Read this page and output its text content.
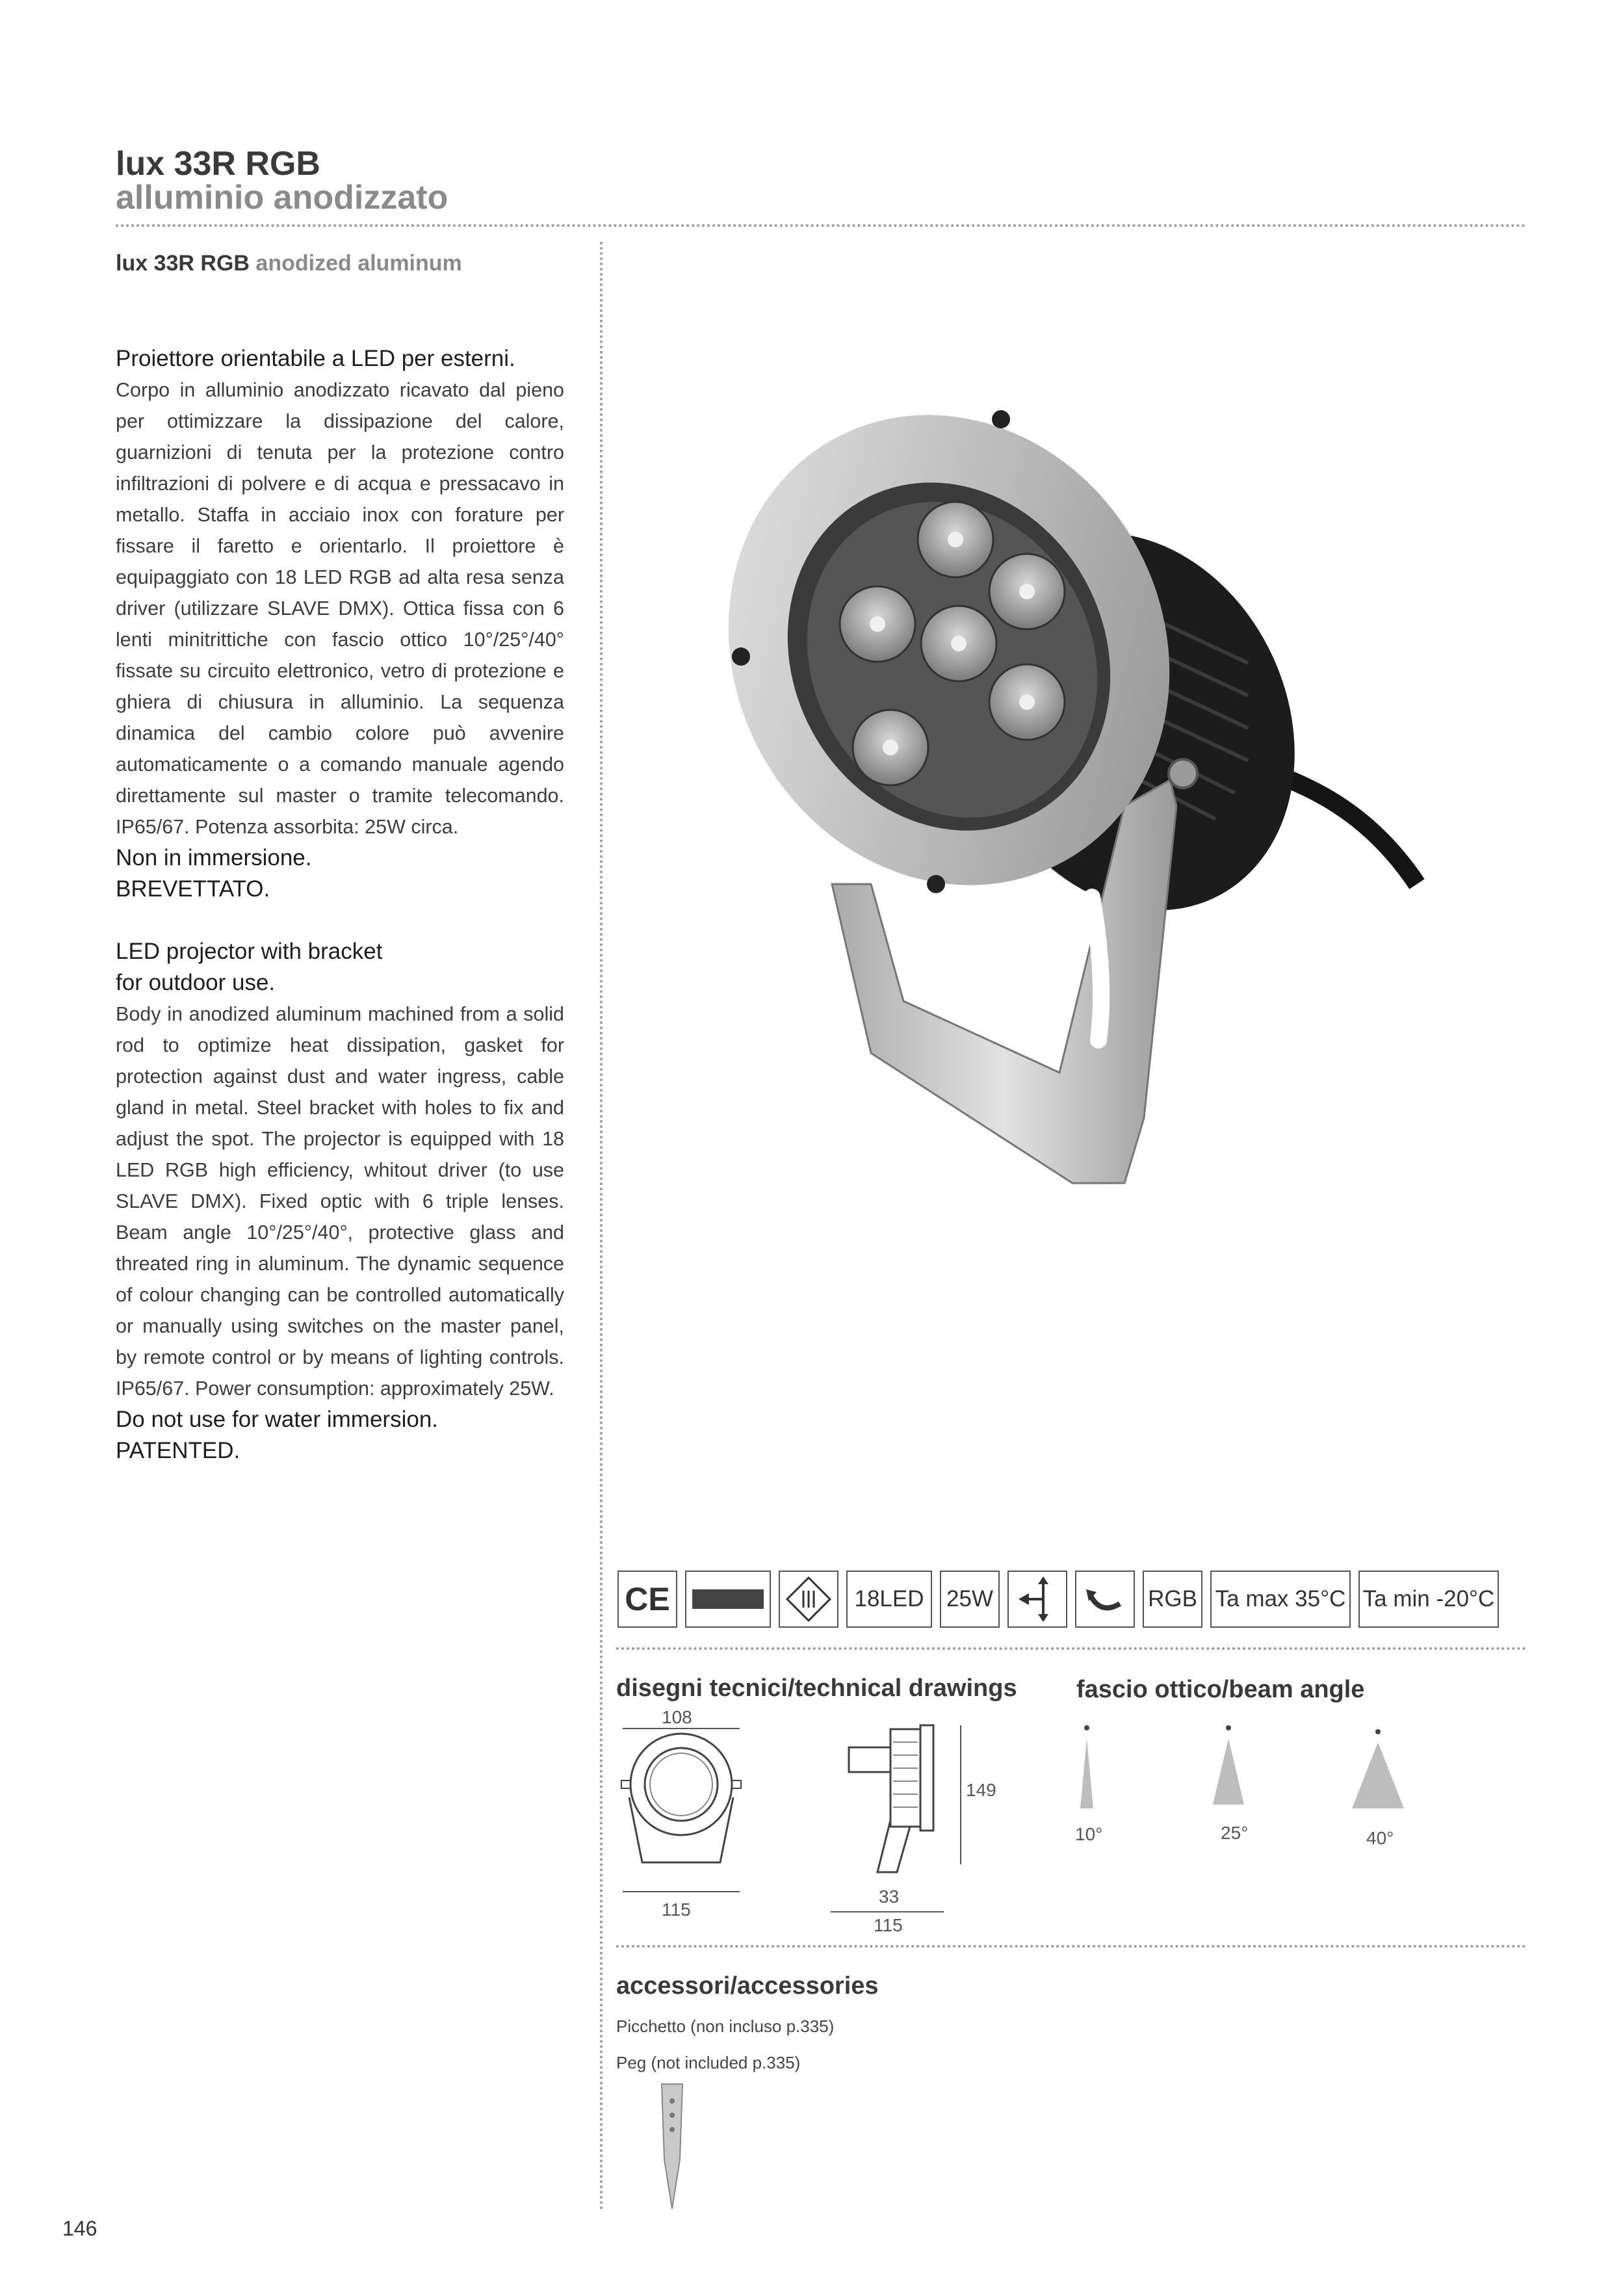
lux 33R RGB
alluminio anodizzato
lux 33R RGB anodized aluminum

Proiettore orientabile a LED per esterni.

Corpo in alluminio anodizzato ricavato dal pieno per ottimizzare la dissipazione del calore, guarnizioni di tenuta per la protezione contro infiltrazioni di polvere e di acqua e pressacavo in metallo. Staffa in acciaio inox con forature per fissare il faretto e orientarlo. Il proiettore è equipaggiato con 18 LED RGB ad alta resa senza driver (utilizzare SLAVE DMX). Ottica fissa con 6 lenti minitrittiche con fascio ottico 10°/25°/40° fissate su circuito elettronico, vetro di protezione e ghiera di chiusura in alluminio. La sequenza dinamica del cambio colore può avvenire automaticamente o a comando manuale agendo direttamente sul master o tramite telecomando. IP65/67. Potenza assorbita: 25W circa.

Non in immersione.

BREVETTATO.

LED projector with bracket

for outdoor use.

Body in anodized aluminum machined from a solid rod to optimize heat dissipation, gasket for protection against dust and water ingress, cable gland in metal. Steel bracket with holes to fix and adjust the spot. The projector is equipped with 18 LED RGB high efficiency, whitout driver (to use SLAVE DMX). Fixed optic with 6 triple lenses. Beam angle 10°/25°/40°, protective glass and threated ring in aluminum. The dynamic sequence of colour changing can be controlled automatically or manually using switches on the master panel, by remote control or by means of lighting controls. IP65/67. Power consumption: approximately 25W.

Do not use for water immersion.

PATENTED.

CE	18LED 25W	RGB Ta max 35°C Ta min -20°C
disegni tecnici/technical drawings fascio ottico/beam angle
108
115
149
33
115
10°	25°	40°
accessori/accessories
Picchetto (non incluso p.335)
Peg (not included p.335)
146
